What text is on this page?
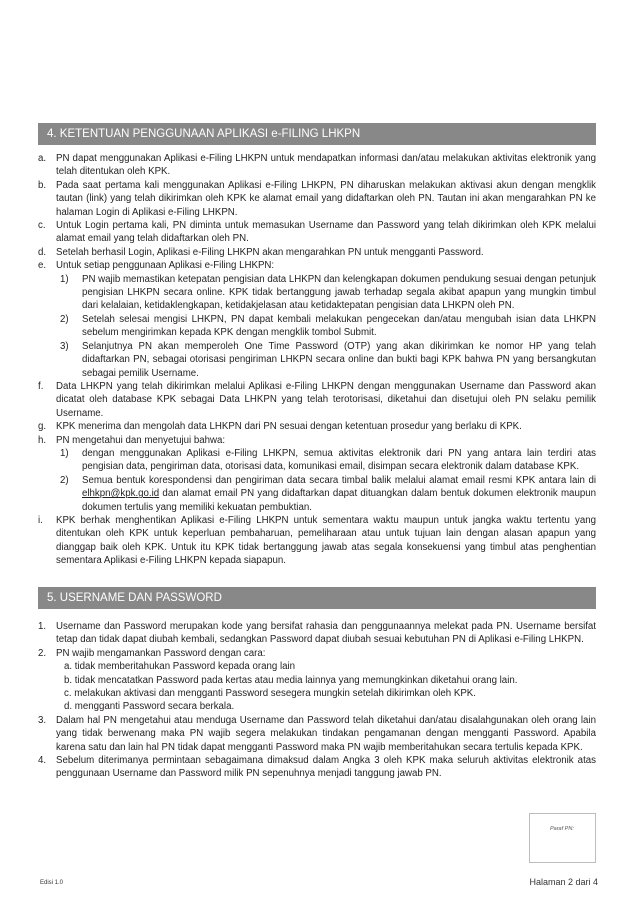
4. KETENTUAN PENGGUNAAN APLIKASI e-FILING LHKPN

a. PN dapat menggunakan Aplikasi e-Filing LHKPN untuk mendapatkan informasi dan/atau melakukan aktivitas elektronik yang telah ditentukan oleh KPK.

b. Pada saat pertama kali menggunakan Aplikasi e-Filing LHKPN, PN diharuskan melakukan aktivasi akun dengan mengklik tautan (link) yang telah dikirimkan oleh KPK ke alamat email yang didaftarkan oleh PN. Tautan ini akan mengarahkan PN ke halaman Login di Aplikasi e-Filing LHKPN.

c. Untuk Login pertama kali, PN diminta untuk memasukan Username dan Password yang telah dikirimkan oleh KPK melalui alamat email yang telah didaftarkan oleh PN.

d. Setelah berhasil Login, Aplikasi e-Filing LHKPN akan mengarahkan PN untuk mengganti Password.

e. Untuk setiap penggunaan Aplikasi e-Filing LHKPN:

1) PN wajib memastikan ketepatan pengisian data LHKPN dan kelengkapan dokumen pendukung sesuai dengan petunjuk pengisian LHKPN secara online. KPK tidak bertanggung jawab terhadap segala akibat apapun yang mungkin timbul dari kelalaian, ketidaklengkapan, ketidakjelasan atau ketidaktepatan pengisian data LHKPN oleh PN.

2) Setelah selesai mengisi LHKPN, PN dapat kembali melakukan pengecekan dan/atau mengubah isian data LHKPN sebelum mengirimkan kepada KPK dengan mengklik tombol Submit.

3) Selanjutnya PN akan memperoleh One Time Password (OTP) yang akan dikirimkan ke nomor HP yang telah didaftarkan PN, sebagai otorisasi pengiriman LHKPN secara online dan bukti bagi KPK bahwa PN yang bersangkutan sebagai pemilik Username.

f. Data LHKPN yang telah dikirimkan melalui Aplikasi e-Filing LHKPN dengan menggunakan Username dan Password akan dicatat oleh database KPK sebagai Data LHKPN yang telah terotorisasi, diketahui dan disetujui oleh PN selaku pemilik Username.

g. KPK menerima dan mengolah data LHKPN dari PN sesuai dengan ketentuan prosedur yang berlaku di KPK.

h. PN mengetahui dan menyetujui bahwa:

1) dengan menggunakan Aplikasi e-Filing LHKPN, semua aktivitas elektronik dari PN yang antara lain terdiri atas pengisian data, pengiriman data, otorisasi data, komunikasi email, disimpan secara elektronik dalam database KPK.

2) Semua bentuk korespondensi dan pengiriman data secara timbal balik melalui alamat email resmi KPK antara lain di elhkpn@kpk.go.id dan alamat email PN yang didaftarkan dapat dituangkan dalam bentuk dokumen elektronik maupun dokumen tertulis yang memiliki kekuatan pembuktian.

i. KPK berhak menghentikan Aplikasi e-Filing LHKPN untuk sementara waktu maupun untuk jangka waktu tertentu yang ditentukan oleh KPK untuk keperluan pembaharuan, pemeliharaan atau untuk tujuan lain dengan alasan apapun yang dianggap baik oleh KPK. Untuk itu KPK tidak bertanggung jawab atas segala konsekuensi yang timbul atas penghentian sementara Aplikasi e-Filing LHKPN kepada siapapun.

5. USERNAME DAN PASSWORD

1. Username dan Password merupakan kode yang bersifat rahasia dan penggunaannya melekat pada PN. Username bersifat tetap dan tidak dapat diubah kembali, sedangkan Password dapat diubah sesuai kebutuhan PN di Aplikasi e-Filing LHKPN.

2. PN wajib mengamankan Password dengan cara:

a. tidak memberitahukan Password kepada orang lain

b. tidak mencatatkan Password pada kertas atau media lainnya yang memungkinkan diketahui orang lain.

c. melakukan aktivasi dan mengganti Password sesegera mungkin setelah dikirimkan oleh KPK.

d. mengganti Password secara berkala.

3. Dalam hal PN mengetahui atau menduga Username dan Password telah diketahui dan/atau disalahgunakan oleh orang lain yang tidak berwenang maka PN wajib segera melakukan tindakan pengamanan dengan mengganti Password. Apabila karena satu dan lain hal PN tidak dapat mengganti Password maka PN wajib memberitahukan secara tertulis kepada KPK.

4. Sebelum diterimanya permintaan sebagaimana dimaksud dalam Angka 3 oleh KPK maka seluruh aktivitas elektronik atas penggunaan Username dan Password milik PN sepenuhnya menjadi tanggung jawab PN.

Paraf PN:
Edisi 1.0	Halaman 2 dari 4
